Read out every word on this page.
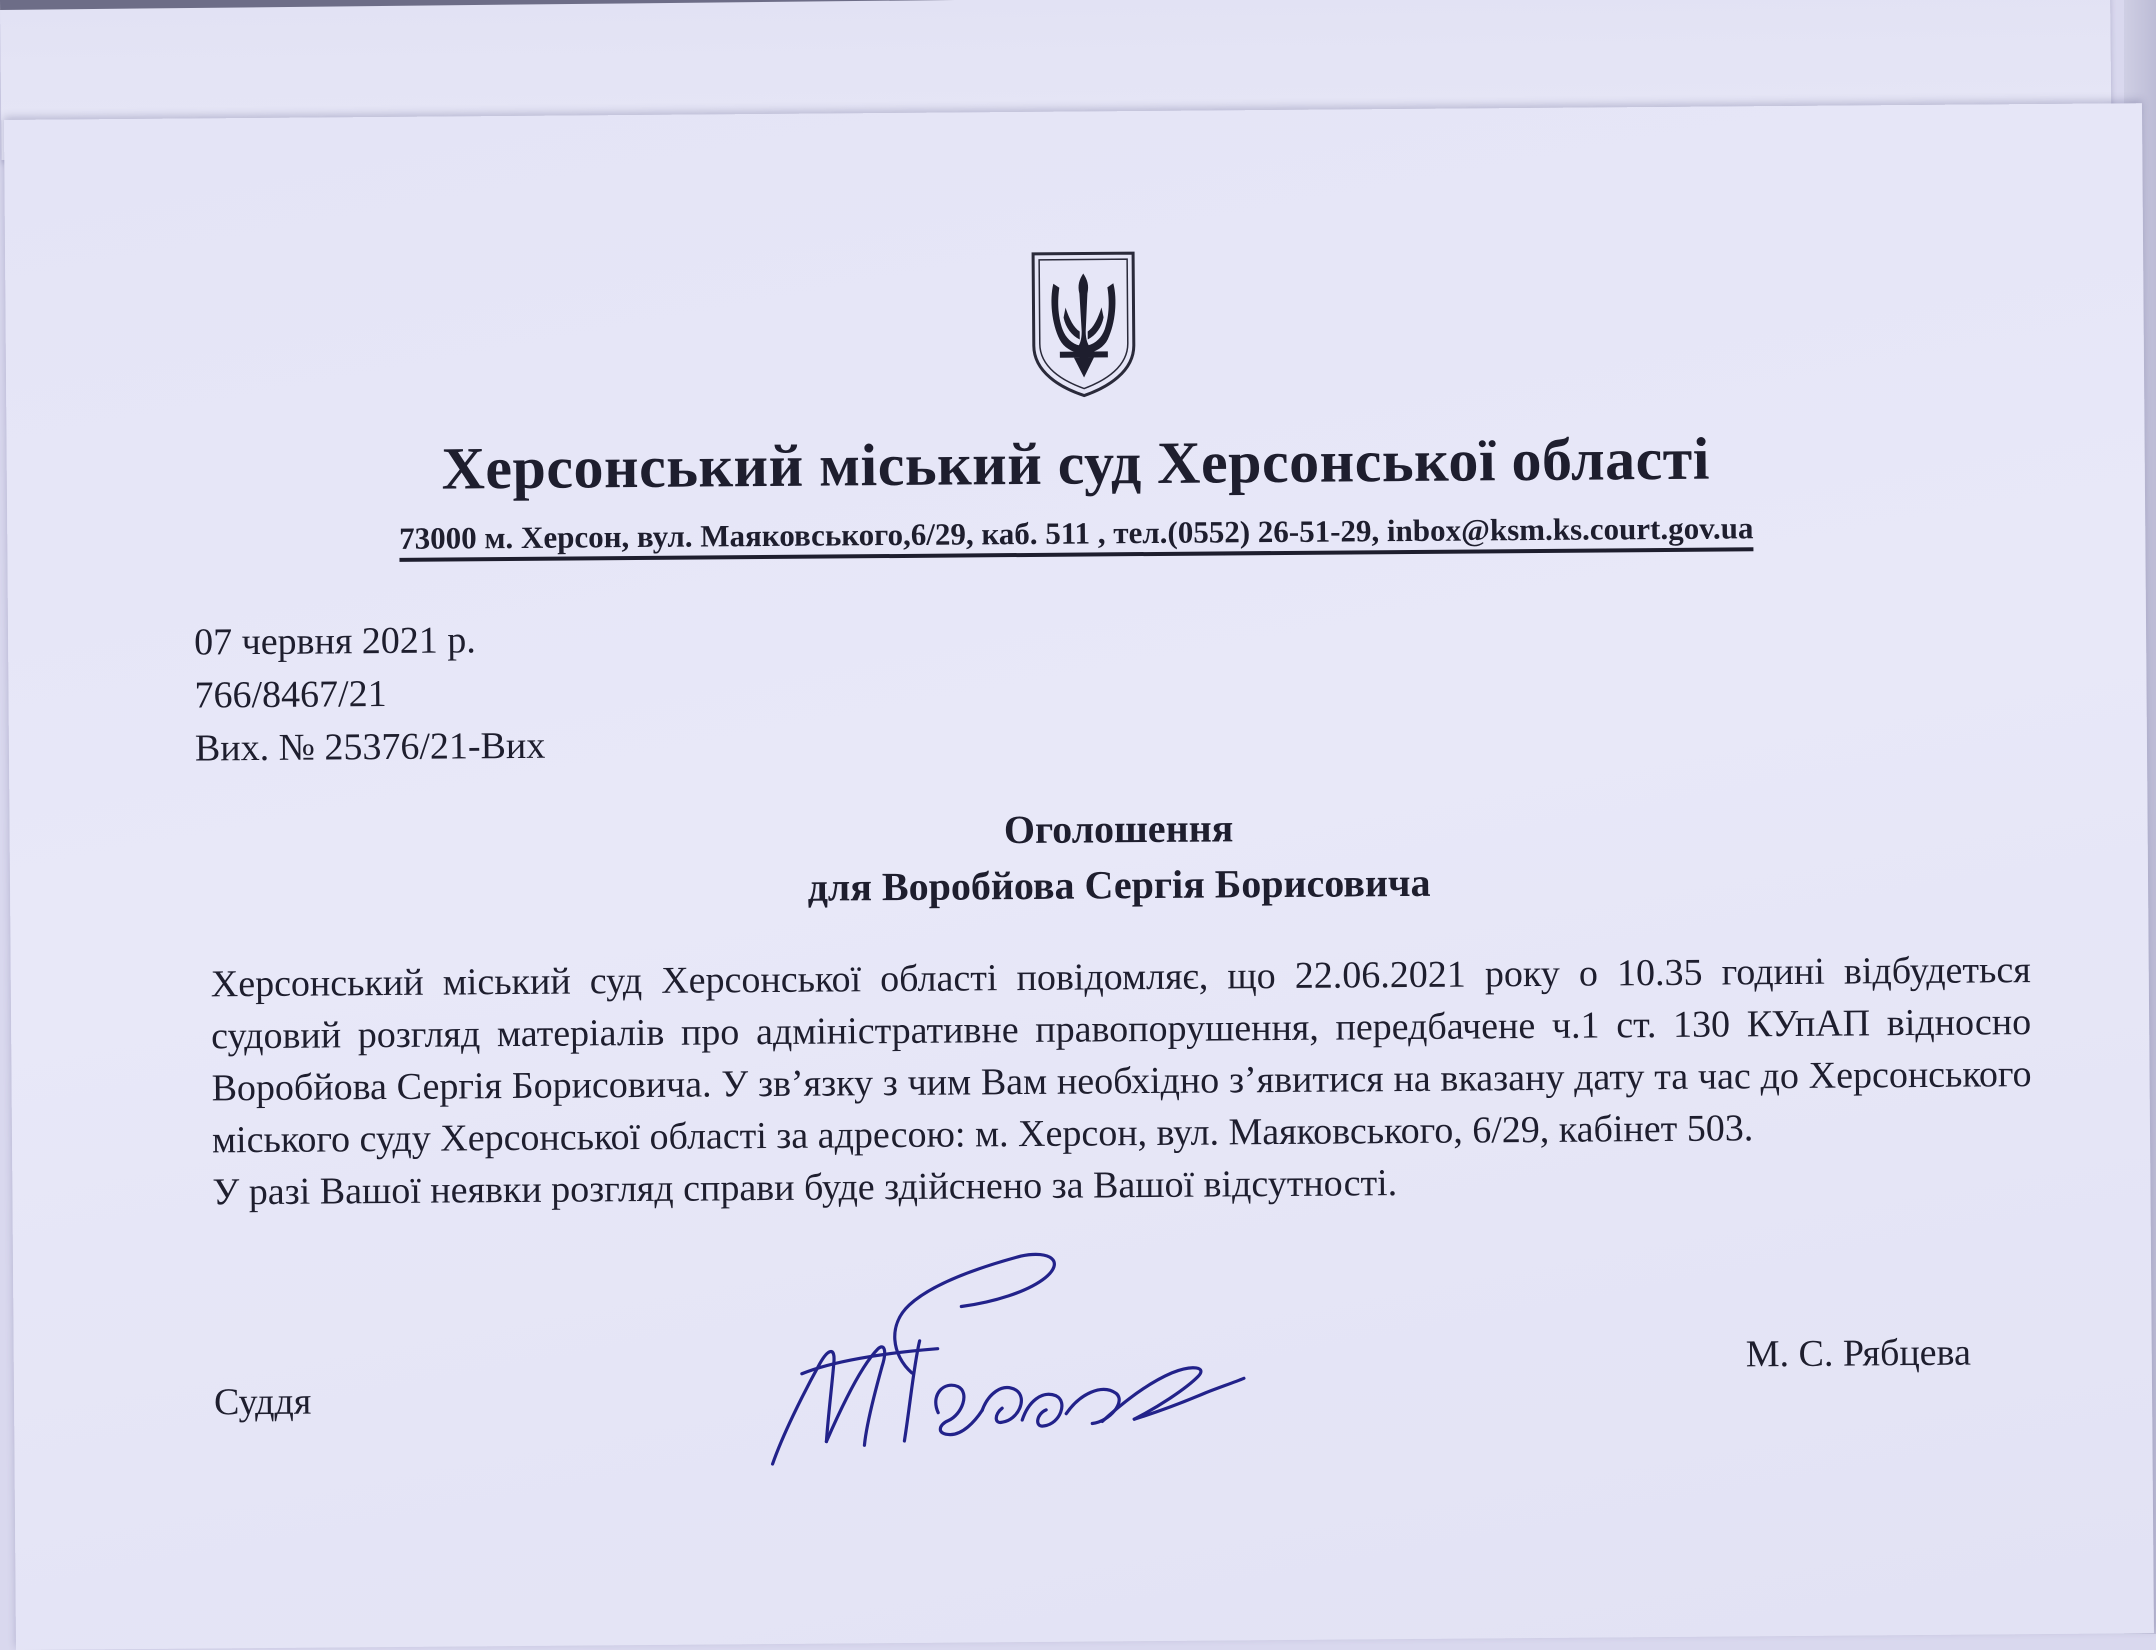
Херсонський міський суд Херсонської області
73000 м. Херсон, вул. Маяковського,6/29, каб. 511 , тел.(0552) 26-51-29, inbox@ksm.ks.court.gov.ua
07 червня 2021 р.
766/8467/21
Вих. № 25376/21-Вих
Оголошення
для Воробйова Сергія Борисовича

Херсонський міський суд Херсонської області повідомляє, що 22.06.2021 року о 10.35 годині відбудеться судовий розгляд матеріалів про адміністративне правопорушення, передбачене ч.1 ст. 130 КУпАП відносно Воробйова Сергія Борисовича. У зв’язку з чим Вам необхідно з’явитися на вказану дату та час до Херсонського міського суду Херсонської області за адресою: м. Херсон, вул. Маяковського, 6/29, кабінет 503.

У разі Вашої неявки розгляд справи буде здійснено за Вашої відсутності.

Суддя
М. С. Рябцева
